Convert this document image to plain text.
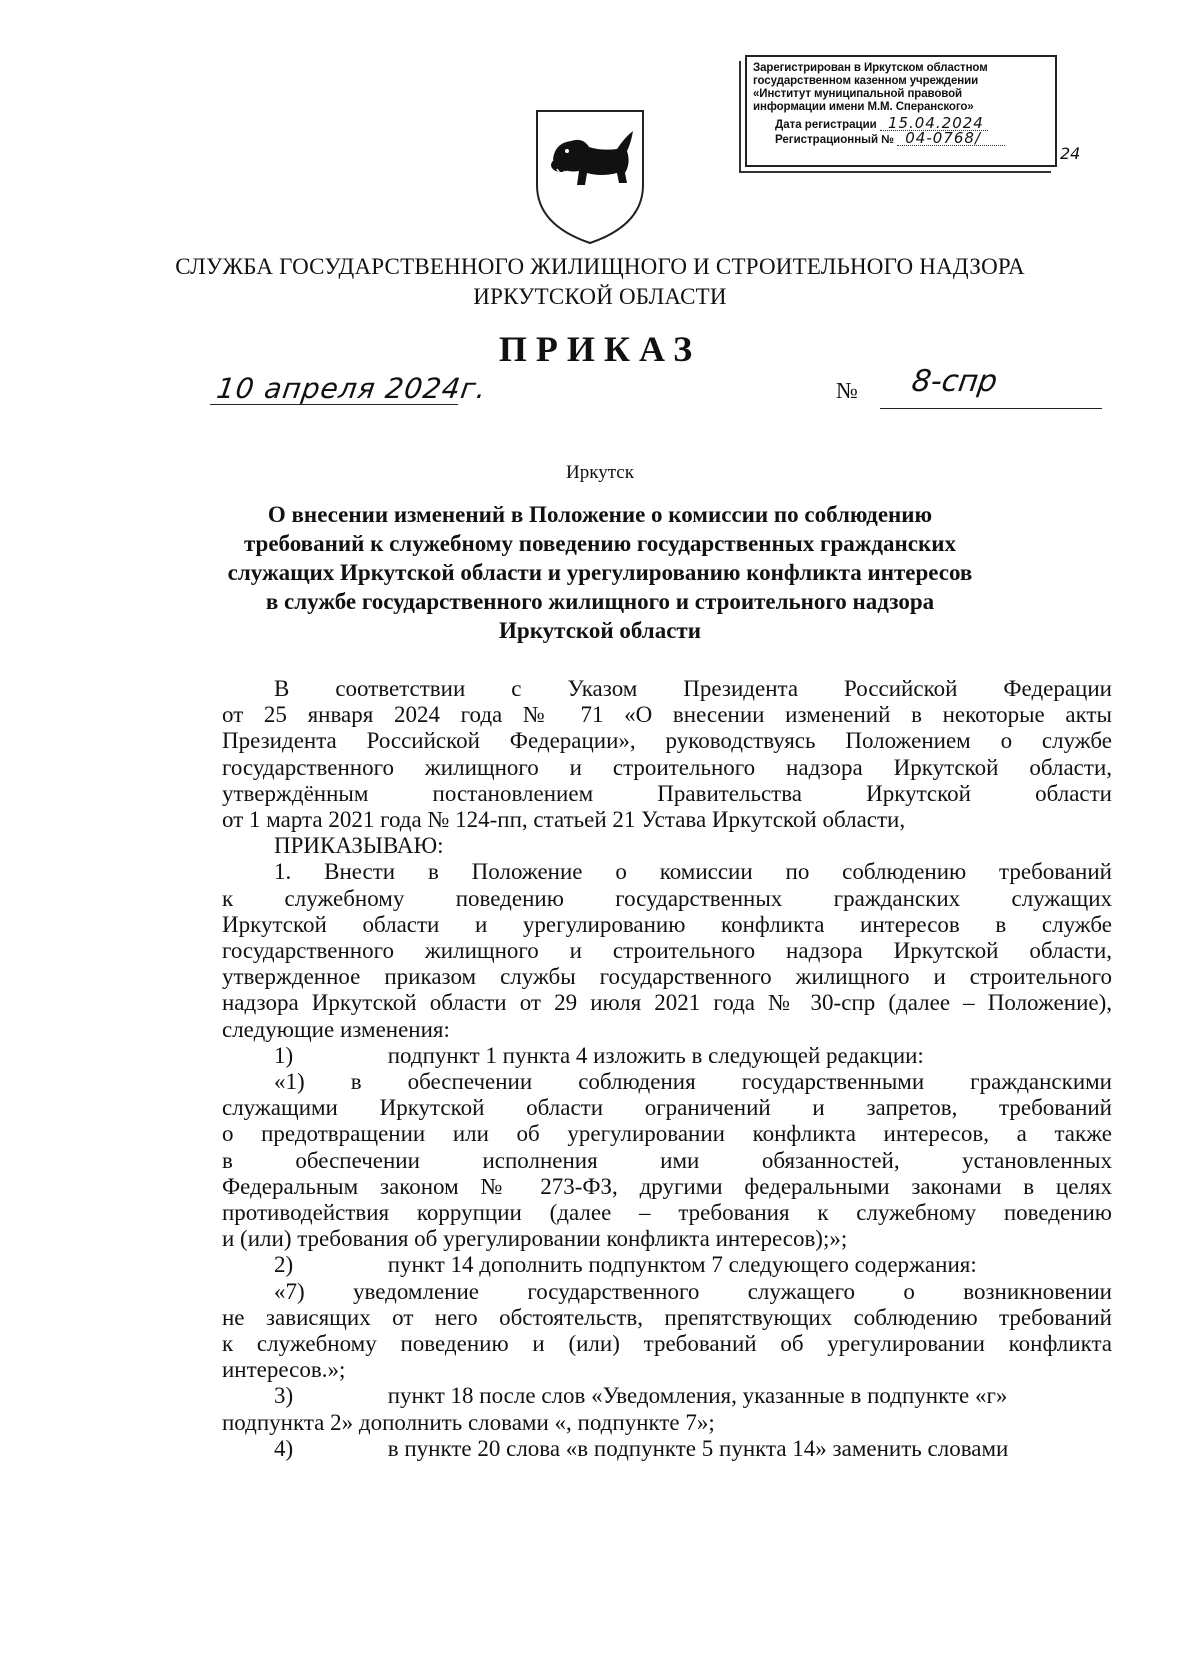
Зарегистрирован в Иркутском областном
государственном казенном учреждении
«Институт муниципальной правовой
информации имени М.М. Сперанского»
Дата регистрации 15.04.2024
Регистрационный № 04-0768/
24
СЛУЖБА ГОСУДАРСТВЕННОГО ЖИЛИЩНОГО И СТРОИТЕЛЬНОГО НАДЗОРА
ИРКУТСКОЙ ОБЛАСТИ
ПРИКАЗ
10 апреля 2024г.	№ 8-спр
Иркутск
О внесении изменений в Положение о комиссии по соблюдению
требований к служебному поведению государственных гражданских
служащих Иркутской области и урегулированию конфликта интересов
в службе государственного жилищного и строительного надзора
Иркутской области
В соответствии с Указом Президента Российской Федерации
от 25 января 2024 года № 71 «О внесении изменений в некоторые акты
Президента Российской Федерации», руководствуясь Положением о службе
государственного жилищного и строительного надзора Иркутской области,
утверждённым постановлением Правительства Иркутской области
от 1 марта 2021 года № 124-пп, статьей 21 Устава Иркутской области,
ПРИКАЗЫВАЮ:
1. Внести в Положение о комиссии по соблюдению требований
к служебному поведению государственных гражданских служащих
Иркутской области и урегулированию конфликта интересов в службе
государственного жилищного и строительного надзора Иркутской области,
утвержденное приказом службы государственного жилищного и строительного
надзора Иркутской области от 29 июля 2021 года № 30-спр (далее – Положение),
следующие изменения:
1)	подпункт 1 пункта 4 изложить в следующей редакции:
«1) в обеспечении соблюдения государственными гражданскими
служащими Иркутской области ограничений и запретов, требований
о предотвращении или об урегулировании конфликта интересов, а также
в обеспечении исполнения ими обязанностей, установленных
Федеральным законом № 273-ФЗ, другими федеральными законами в целях
противодействия коррупции (далее – требования к служебному поведению
и (или) требования об урегулировании конфликта интересов);»;
2)	пункт 14 дополнить подпунктом 7 следующего содержания:
«7) уведомление государственного служащего о возникновении
не зависящих от него обстоятельств, препятствующих соблюдению требований
к служебному поведению и (или) требований об урегулировании конфликта
интересов.»;
3)	пункт 18 после слов «Уведомления, указанные в подпункте «г»
подпункта 2» дополнить словами «, подпункте 7»;
4)	в пункте 20 слова «в подпункте 5 пункта 14» заменить словами
